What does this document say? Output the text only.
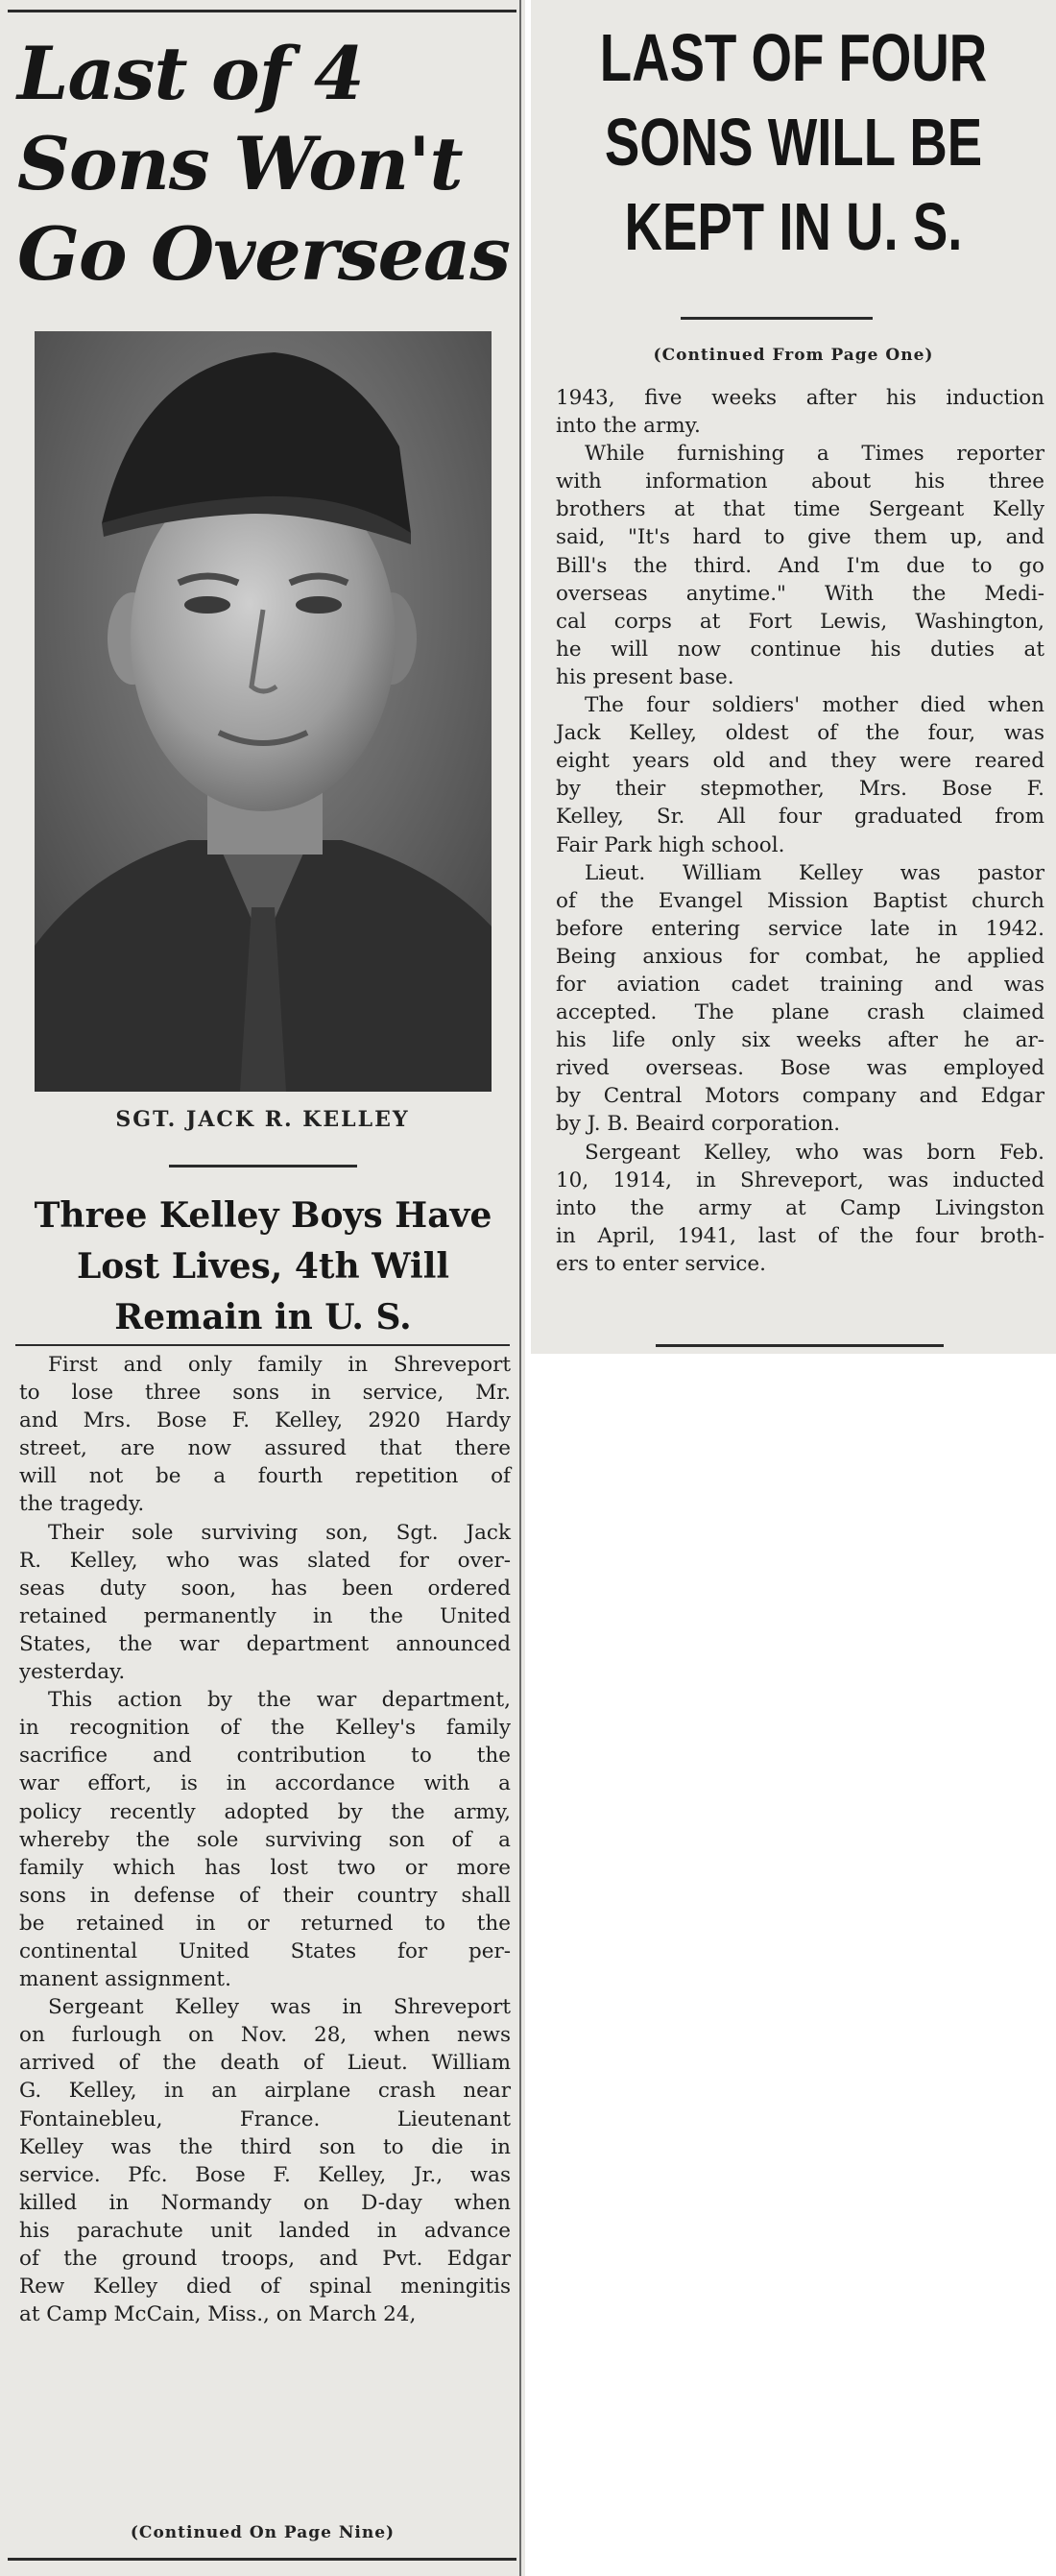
Last of 4
Sons Won't
Go Overseas
SGT. JACK R. KELLEY
Three Kelley Boys Have
Lost Lives, 4th Will
Remain in U. S.
First and only family in Shreveport
to lose three sons in service, Mr.
and Mrs. Bose F. Kelley, 2920 Hardy
street, are now assured that there
will not be a fourth repetition of
the tragedy.
Their sole surviving son, Sgt. Jack
R. Kelley, who was slated for over-
seas duty soon, has been ordered
retained permanently in the United
States, the war department announced
yesterday.
This action by the war department,
in recognition of the Kelley's family
sacrifice and contribution to the
war effort, is in accordance with a
policy recently adopted by the army,
whereby the sole surviving son of a
family which has lost two or more
sons in defense of their country shall
be retained in or returned to the
continental United States for per-
manent assignment.
Sergeant Kelley was in Shreveport
on furlough on Nov. 28, when news
arrived of the death of Lieut. William
G. Kelley, in an airplane crash near
Fontainebleu, France. Lieutenant
Kelley was the third son to die in
service. Pfc. Bose F. Kelley, Jr., was
killed in Normandy on D-day when
his parachute unit landed in advance
of the ground troops, and Pvt. Edgar
Rew Kelley died of spinal meningitis
at Camp McCain, Miss., on March 24,
(Continued On Page Nine)
LAST OF FOUR
SONS WILL BE
KEPT IN U. S.
(Continued From Page One)
1943, five weeks after his induction
into the army.
While furnishing a Times reporter
with information about his three
brothers at that time Sergeant Kelly
said, "It's hard to give them up, and
Bill's the third. And I'm due to go
overseas anytime." With the Medi-
cal corps at Fort Lewis, Washington,
he will now continue his duties at
his present base.
The four soldiers' mother died when
Jack Kelley, oldest of the four, was
eight years old and they were reared
by their stepmother, Mrs. Bose F.
Kelley, Sr. All four graduated from
Fair Park high school.
Lieut. William Kelley was pastor
of the Evangel Mission Baptist church
before entering service late in 1942.
Being anxious for combat, he applied
for aviation cadet training and was
accepted. The plane crash claimed
his life only six weeks after he ar-
rived overseas. Bose was employed
by Central Motors company and Edgar
by J. B. Beaird corporation.
Sergeant Kelley, who was born Feb.
10, 1914, in Shreveport, was inducted
into the army at Camp Livingston
in April, 1941, last of the four broth-
ers to enter service.
